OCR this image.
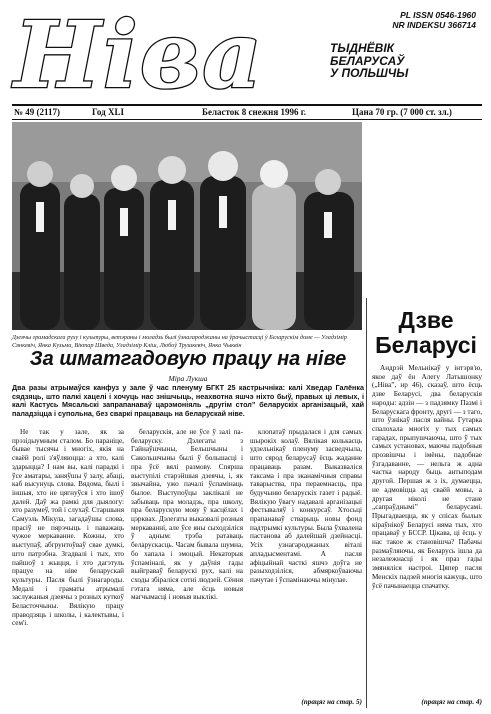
Ніва	PL ISSN 0546-1960
NR INDEKSU 366714
ТЫДНЁВІК
БЕЛАРУСАЎ
У ПОЛЬШЧЫ
№ 49 (2117)	Год XLI	Беласток 8 снежня 1996 г.	Цана 70 гр. (7 000 ст. зл.)
Дзеячы грамадскага руху і культуры, ветэраны і моладзь былі ўзнагароджаны на ўрачыстасці ў Беларускім доме — Уладзімір Сянкевіч, Янка Кузьма, Віктар Шведа, Уладзімір Кліш, Любоў Трушкевіч, Янка Чыквін
За шматгадовую працу на ніве
Мірa Лукша
Два разы атрымаўся канфуз у зале ў час пленуму БГКТ 25 кастрычніка: калі Хведар Галёнка сядзяць, што палкі хацелі і хочуць нас знішчыць, неахвотна яшчэ ніхто быў, правых ці левых, і калі Кастусь Мясальскі запрапанаваў царэмоніяль „другім стол” беларускіх арганізацый, хай паладзіцца і супольна, без сваркі працаваць на беларускай ніве.

Не так у зале, як за прэзідыумным сталом. Бо параніце, бывае тысячы і многіх, якія на сваёй ролі з'яўляюцца: а хто, калі здарыцца? І нам вы, калі парадкі і ўсе аматары, заняўшы ў залу, абаці, каб высунуць слова. Вядома, былі і іншыя, хто не цягнуўся і хто ішоў далей. Даў жа рамкі для дыялогу: хто разумеў, той і слухаў. Старшыня Самуэль Мікула, загадаўшы слова, прасіў не пярэчыць і паважаць чужое меркаванне. Кожны, хто выступаў, абгрунтоўваў свае думкі, што патрэбна. Згадвалі і тых, хто пайшоў з жыцця, і хто дагэтуль працуе на ніве беларускай культуры. Пасля былі ўзнагароды. Медалі і граматы атрымалі заслужаныя дзеячы з розных куткоў Беласточчыны. Вялікую працу праводзяць і школы, і калектывы, і сем'і.

беларускія, але не ўсе ў залі па-беларуску. Дэлегаты з Гайнаўшчыны, Бельшчыны і Сакольшчыны былі ў большасці і пра ўсё вялі размову. Спярша выступілі старэйшыя дзеячы, і, як звычайна, ужо пачалі ўспамінаць былое. Выступоўцы заклікалі не забываць пра моладзь, пра школу, пра беларускую мову ў касцёлах і цэрквах. Дэлегаты выказвалі розныя меркаванні, але ўсе яны сыходзіліся ў адным: трэба ратаваць беларускасць. Часам бывала шумна, бо хапала і эмоцый. Некаторыя ўспаміналі, як у даўнія гады выйграваў беларускі рух, калі на сходы збіраліся сотні людзей. Сёння гэтага няма, але ёсць новыя магчымасці і новыя выклікі.

клопатаў прыдалася і для самых шырокіх колаў. Вялікая колькасць удзельнікаў пленуму засведчыла, што сярод беларусаў ёсць жаданне працаваць разам. Выказваліся таксама і пра эканамічныя справы таварыства, пра пераемнасць, пра будучыню беларускіх газет і радыё. Вялікую ўвагу надавалі арганізацыі фестываляў і конкурсаў. Хтосьці прапанаваў стварыць новы фонд падтрымкі культуры. Была ўхвалена пастанова аб далейшай дзейнасці. Усіх узнагароджаных віталі апладысментамі. А пасля афіцыйнай часткі яшчэ доўга не разыходзіліся, абмяркоўваючы пачутае і ўспамінаючы мінулае.

(працяг на стар. 5)
Дзве Беларусі

Андрэй Мельнікаў у інтэрв'ю, якое даў ён Алегу Латышонку („Ніва”, нр 46), сказаў, што ёсць дзве Беларусі, два беларускія народы: адзін — з падзямку Пазмі і Беларускага фронту, другі — з таго, што ўзнікаў пасля вайны. Гутарка спалохала многіх у тых самых гарадах, прыпушчаючы, што ў тых самых установах, маючы падобныя прозвішчы і імёны, падобнае ўзгадаванне, — нельга ж адна частка народу быць антыподам другой. Першая ж з іх, думаецца, не адмовіцца ад сваёй мовы, а другая ніколі не стане „сапраўднымі” беларусамі. Прыгадваецца, як у спісах былых кіраўнікоў Беларусі няма тых, хто працаваў у БССР. Цікава, ці ёсць у нас такое ж становішча? Пабачы размаўляючы, як Беларусь ішла да незалежнасці і як праз гады змяняліся настроі. Цяпер пасля Менскіх падзей многія кажуць, што ўсё пачынаецца спачатку.

(працяг на стар. 4)
